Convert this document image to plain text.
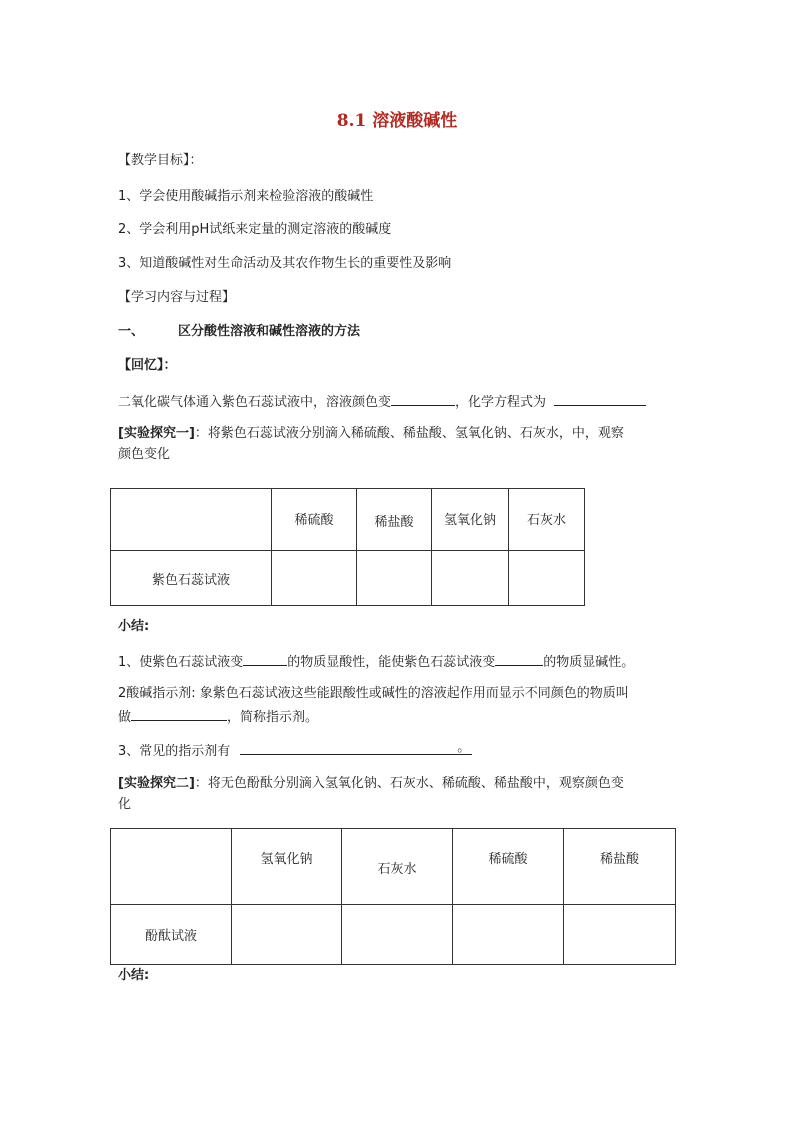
8.1 溶液酸碱性
【教学目标】：
1、学会使用酸碱指示剂来检验溶液的酸碱性
2、学会利用pH试纸来定量的测定溶液的酸碱度
3、知道酸碱性对生命活动及其农作物生长的重要性及影响
【学习内容与过程】
一、	区分酸性溶液和碱性溶液的方法
【回忆】：
二氧化碳气体通入紫色石蕊试液中，溶液颜色变	，化学方程式为
[实验探究一]：将紫色石蕊试液分别滴入稀硫酸、稀盐酸、氢氧化钠、石灰水，中，观察
颜色变化
	稀硫酸	稀盐酸	氢氧化钠	石灰水
紫色石蕊试液				
小结:
1、使紫色石蕊试液变	的物质显酸性，能使紫色石蕊试液变	的物质显碱性。
2酸碱指示剂: 象紫色石蕊试液这些能跟酸性或碱性的溶液起作用而显示不同颜色的物质叫
做	，简称指示剂。
3、常见的指示剂有	。
[实验探究二]：将无色酚酞分别滴入氢氧化钠、石灰水、稀硫酸、稀盐酸中，观察颜色变
化
	氢氧化钠	石灰水	稀硫酸	稀盐酸
酚酞试液				
小结:
